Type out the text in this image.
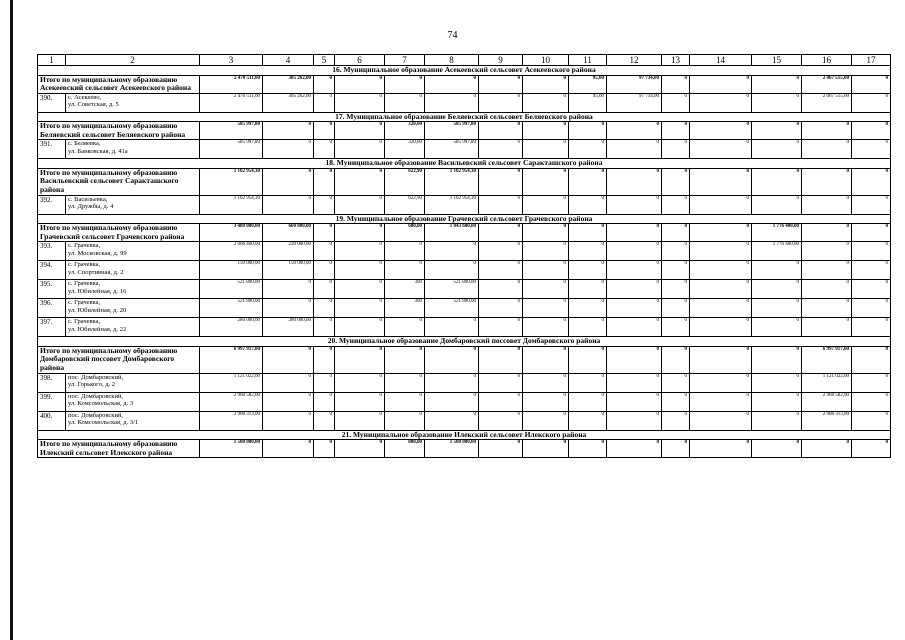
74
1	2	3	4	5	6	7	8	9	10	11	12	13	14	15	16	17
16. Муниципальное образование Асекеевский сельсовет Асекеевского района																
Итого по муниципальному образованию Асекеевский сельсовет Асекеевского района		2 470 511,00	305 262,00	0	0	0	0	0	0	95,00	97 734,00	0	0	0	2 067 515,00	0
390.	с. Асекеево,
ул. Советская, д. 5	2 470 511,00	305 262,00	0	0	0	0	0	0	95,00	97 734,00	0	0	0	2 067 515,00	0
17. Муниципальное образование Беляевский сельсовет Беляевского района																
Итого по муниципальному образованию Беляевский сельсовет Беляевского района		585 997,80	0	0	0	320,00	585 997,80	0	0	0	0	0	0	0	0	0
391.	с. Беляевка,
ул. Банковская, д. 41а	585 997,80	0	0	0	320,00	585 997,80	0	0	0	0	0	0	0	0	0
18. Муниципальное образование Васильевский сельсовет Саракташского района																
Итого по муниципальному образованию Васильевский сельсовет Саракташского района		1 162 954,30	0	0	0	622,90	1 162 954,30	0	0	0	0	0	0	0	0	0
392.	с. Васильевка,
ул. Дружбы, д. 4	1 162 954,30	0	0	0	622,90	1 162 954,30	0	0	0	0	0	0	0	0	0
19. Муниципальное образование Грачевский сельсовет Грачевского района																
Итого по муниципальному образованию Грачевский сельсовет Грачевского района		3 480 000,00	660 000,00	0	0	600,00	1 043 600,00	0	0	0	0	0	0	1 776 400,00	0	0
393.	с. Грачевка,
ул. Московская, д. 99	2 006 400,00	230 000,00	0	0	0	0	0	0	0	0	0	0	1 776 400,00	0	0
394.	с. Грачевка,
ул. Спортивная, д. 2	150 000,00	150 000,00	0	0	0	0	0	0	0	0	0	0	0	0	0
395.	с. Грачевка,
ул. Юбилейная, д. 16	521 800,00	0	0	0	300	521 800,00	0	0	0	0	0	0	0	0	0
396.	с. Грачевка,
ул. Юбилейная, д. 20	521 800,00	0	0	0	300	521 800,00	0	0	0	0	0	0	0	0	0
397.	с. Грачевка,
ул. Юбилейная, д. 22	280 000,00	280 000,00	0	0	0	0	0	0	0	0	0	0	0	0	0
20. Муниципальное образование Домбаровский поссовет Домбаровского района																
Итого по муниципальному образованию Домбаровский поссовет Домбаровского района		6 997 917,00	0	0	0	0	0	0	0	0	0	0	0	0	6 997 917,00	0
398.	пос. Домбаровский,
ул. Горького, д. 2	1 121 022,00	0	0	0	0	0	0	0	0	0	0	0	0	1 121 022,00	0
399.	пос. Домбаровский,
ул. Комсомольская, д. 3	2 968 582,00	0	0	0	0	0	0	0	0	0	0	0	0	2 968 582,00	0
400.	пос. Домбаровский,
ул. Комсомольская, д. 3/1	2 908 313,00	0	0	0	0	0	0	0	0	0	0	0	0	2 908 313,00	0
21. Муниципальное образование Илекский сельсовет Илекского района																
Итого по муниципальному образованию Илекский сельсовет Илекского района		1 500 000,00	0	0	0	800,00	1 500 000,00	0	0	0	0	0	0	0	0	0
